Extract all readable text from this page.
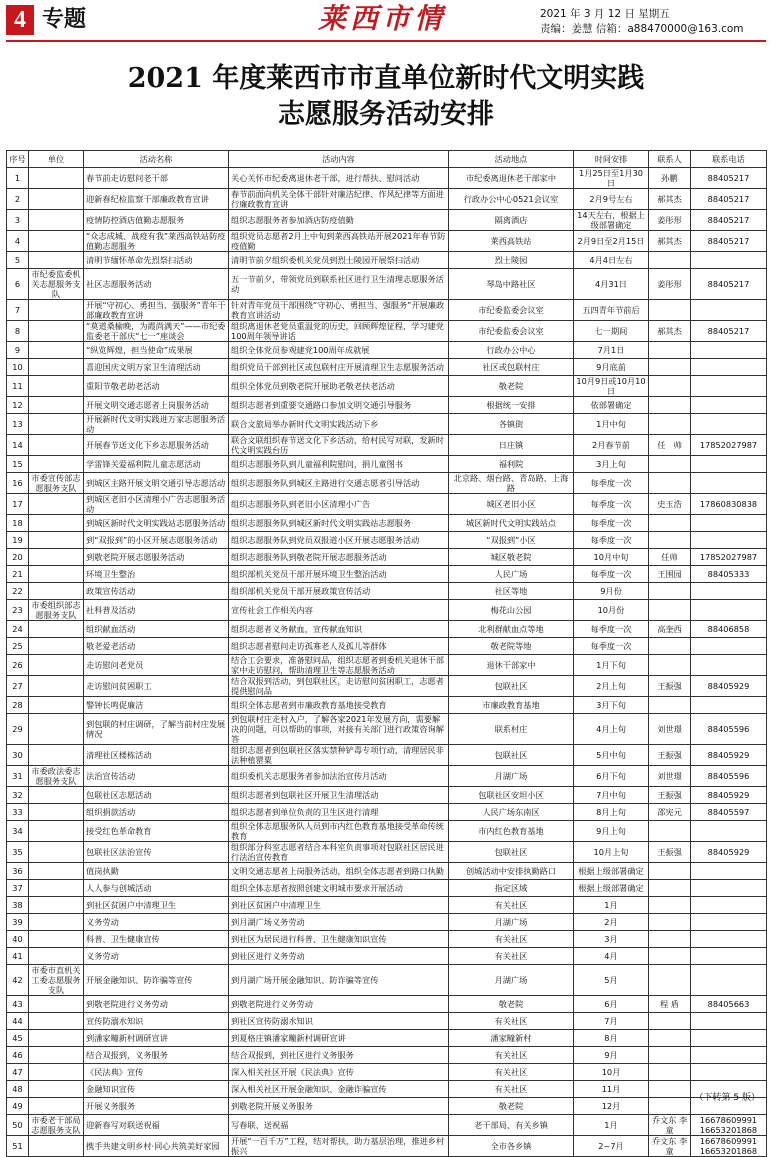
4 专题	莱西市情	2021 年 3 月 12 日 星期五
责编：姜慧 信箱：a88470000@163.com
2021 年度莱西市市直单位新时代文明实践
志愿服务活动安排
序号	单位	活动名称	活动内容	活动地点	时间安排	联系人	联系电话
1		春节前走访慰问老干部	关心关怀市纪委离退休老干部，进行帮扶、慰问活动	市纪委离退休老干部家中	1月25日至1月30日	孙鹏	88405217
2		迎新春纪检监察干部廉政教育宣讲	春节前面向机关全体干部针对廉洁纪律、作风纪律等方面进行廉政教育宣讲	行政办公中心0521会议室	2月9号左右	郝其杰	88405217
3		疫情防控酒店值勤志愿服务	组织志愿服务者参加酒店防疫值勤	隔离酒店	14天左右，根据上级部署确定	姜彤形	88405217
4		“众志成城、战疫有我”莱西高铁站防疫值勤志愿服务	组织党员志愿者2月上中旬到莱西高铁站开展2021年春节防疫值勤	莱西高铁站	2月9日至2月15日	郝其杰	88405217
5		清明节缅怀革命先烈祭扫活动	清明节前夕组织委机关党员到烈士陵园开展祭扫活动	烈士陵园	4月4日左右		
6	市纪委监委机关志愿服务支队	社区志愿服务活动	五一节前夕，带领党员到联系社区进行卫生清理志愿服务活动	琴岛中路社区	4月31日	姜彤形	88405217
7		开展“守初心、勇担当、强服务”青年干部廉政教育宣讲	针对青年党员干部围绕“守初心、勇担当、强服务”开展廉政教育宣讲活动	市纪委监委会议室	五四青年节前后		
8		“莫道桑榆晚，为霞尚满天”——市纪委监委老干部庆“七一”座谈会	组织离退休老党员重温党的历史，回顾辉煌征程，学习建党100周年领导讲话	市纪委监委会议室	七一期间	郝其杰	88405217
9		“纵览辉煌，担当使命”成果展	组织全体党员参观建党100周年成就展	行政办公中心	7月1日		
10		喜迎国庆文明万家卫生清理活动	组织党员干部到社区或包联村庄开展清理卫生志愿服务活动	社区或包联村庄	9月底前		
11		重阳节敬老助老活动	组织全体党员到敬老院开展助老敬老扶老活动	敬老院	10月9日或10月10日		
12		开展文明交通志愿者上岗服务活动	组织志愿者到重要交通路口参加文明交通引导服务	根据统一安排	依部署确定		
13		开展新时代文明实践进万家志愿服务活动	联合文旅局举办新时代文明实践活动下乡	各镇街	1月中旬		
14		开展春节送文化下乡志愿服务活动	联合文联组织春节送文化下乡活动，给村民写对联，发新时代文明实践台历	日庄镇	2月春节前	任　帅	17852027987
15		学雷锋关爱福利院儿童志愿活动	组织志愿服务队到儿童福利院慰问，捐儿童图书	福利院	3月上旬		
16	市委宣传部志愿服务支队	到城区主路开展文明交通引导志愿活动	组织志愿服务队到城区主路进行交通志愿者引导活动	北京路、烟台路、青岛路、上海路	每季度一次		
17		到城区老旧小区清理小广告志愿服务活动	组织志愿服务队到老旧小区清理小广告	城区老旧小区	每季度一次	史玉浩	17860830838
18		到城区新时代文明实践站志愿服务活动	组织志愿服务队到城区新时代文明实践站志愿服务	城区新时代文明实践站点	每季度一次		
19		到“双报到”的小区开展志愿服务活动	组织志愿服务队到党员双报道小区开展志愿服务活动	“双报到”小区	每季度一次		
20		到敬老院开展志愿服务活动	组织志愿服务队到敬老院开展志愿服务活动	城区敬老院	10月中旬	任帅	17852027987
21		环境卫生整治	组织部机关党员干部开展环境卫生整治活动	人民广场	每季度一次	王围园	88405333
22		政策宣传活动	组织部机关党员干部开展政策宣传活动	社区等地	9月份		
23	市委组织部志愿服务支队	社科普及活动	宣传社会工作相关内容	梅花山公园	10月份		
24		组织献血活动	组织志愿者义务献血，宣传献血知识	北利群献血点等地	每季度一次	高奎西	88406858
25		敬老爱老活动	组织志愿者慰问走访孤寡老人及孤儿等群体	敬老院等地	每季度一次		
26		走访慰问老党员	结合工会要求，准备慰问品，组织志愿者到委机关退休干部家中走访慰问，帮助清理卫生等志愿服务活动	退休干部家中	1月下旬		
27		走访慰问贫困职工	结合双报到活动，到包联社区，走访慰问贫困职工，志愿者提供慰问品	包联社区	2月上旬	王振强	88405929
28		警钟长鸣促廉洁	组织全体志愿者到市廉政教育基地接受教育	市廉政教育基地	3月下旬		
29		到包联的村庄调研，了解当前村庄发展情况	到包联村庄走村入户，了解各家2021年发展方向，需要解决的问题，可以帮助的事项，对接有关部门进行政策咨询解答	联系村庄	4月上旬	刘世璟	88405596
30		清理社区楼栋活动	组织志愿者到包联社区落实禁种铲毒专项行动，清理居民非法种植罂粟	包联社区	5月中旬	王振强	88405929
31	市委政法委志愿服务支队	法治宣传活动	组织委机关志愿服务者参加法治宣传月活动	月湖广场	6月下旬	刘世璟	88405596
32		包联社区志愿活动	组织志愿者到包联社区开展卫生清理活动	包联社区安坦小区	7月中旬	王振强	88405929
33		组织捐款活动	组织志愿者到单位负责的卫生区进行清理	人民广场东南区	8月上旬	邵宪元	88405597
34		接受红色革命教育	组织全体志愿服务队人员到市内红色教育基地接受革命传统教育	市内红色教育基地	9月上旬		
35		包联社区法治宣传	组织部分科室志愿者结合本科室负责事项对包联社区居民进行法治宣传教育	包联社区	10月上旬	王振强	88405929
36		值岗执勤	文明交通志愿者上岗服务活动，组织全体志愿者到路口执勤	创城活动中安排执勤路口	根据上级部署确定		
37		人人参与创城活动	组织全体志愿者按照创建文明城市要求开展活动	指定区域	根据上级部署确定		
38		到社区贫困户中清理卫生	到社区贫困户中清理卫生	有关社区	1月		
39		义务劳动	到月湖广场义务劳动	月湖广场	2月		
40		科普、卫生健康宣传	到社区为居民进行科普、卫生健康知识宣传	有关社区	3月		
41		义务劳动	到社区进行义务劳动	有关社区	4月		
42	市委市直机关工委志愿服务支队	开展金融知识、防诈骗等宣传	到月湖广场开展金融知识、防诈骗等宣传	月湖广场	5月		
43		到敬老院进行义务劳动	到敬老院进行义务劳动	敬老院	6月	程 盾	88405663
44		宣传防溺水知识	到社区宣传防溺水知识	有关社区	7月		
45		到潘家疃新村调研宣讲	到夏格庄镇潘家疃新村调研宣讲	潘家疃新村	8月		
46		结合双报到，义务服务	结合双报到，到社区进行义务服务	有关社区	9月		
47		《民法典》宣传	深入相关社区开展《民法典》宣传	有关社区	10月		
48		金融知识宣传	深入相关社区开展金融知识、金融诈骗宣传	有关社区	11月		
49		开展义务服务	到敬老院开展义务服务	敬老院	12月		
50	市委老干部局志愿服务支队	迎新春写对联送祝福	写春联、送祝福	老干部局、有关乡镇	1月	乔文东 李　童	16678609991 16653201868
51		携手共建文明乡村·同心共筑美好家园	开展“一百千万”工程，结对帮扶，助力基层治理，推进乡村振兴	全市各乡镇	2~7月	乔文东 李　童	16678609991 16653201868
（下转第 5 版）
